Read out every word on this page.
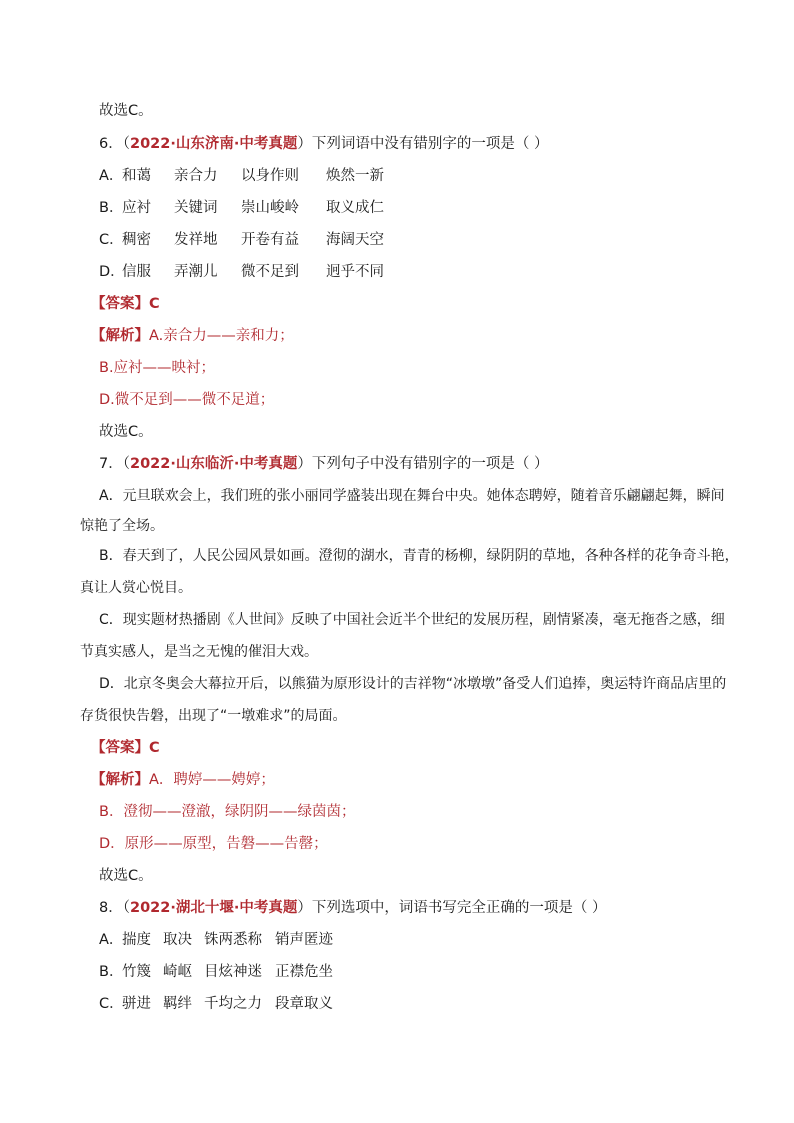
故选C。
6．（2022·山东济南·中考真题）下列词语中没有错别字的一项是（ ）
A．和蔼 亲合力 以身作则 焕然一新
B．应衬 关键词 崇山峻岭 取义成仁
C．稠密 发祥地 开卷有益 海阔天空
D．信服 弄潮儿 微不足到 迥乎不同
【答案】C
【解析】A.亲合力——亲和力；
B.应衬——映衬；
D.微不足到——微不足道；
故选C。
7．（2022·山东临沂·中考真题）下列句子中没有错别字的一项是（ ）
A．元旦联欢会上，我们班的张小丽同学盛装出现在舞台中央。她体态聘婷，随着音乐翩翩起舞，瞬间
惊艳了全场。
B．春天到了，人民公园风景如画。澄彻的湖水，青青的杨柳，绿阴阴的草地，各种各样的花争奇斗艳，
真让人赏心悦目。
C．现实题材热播剧《人世间》反映了中国社会近半个世纪的发展历程，剧情紧凑，毫无拖沓之感，细
节真实感人，是当之无愧的催泪大戏。
D．北京冬奥会大幕拉开后，以熊猫为原形设计的吉祥物“冰墩墩”备受人们追捧，奥运特许商品店里的
存货很快告磐，出现了“一墩难求”的局面。
【答案】C
【解析】A．聘婷——娉婷；
B．澄彻——澄澈，绿阴阴——绿茵茵；
D．原形——原型，告磐——告罄；
故选C。
8．（2022·湖北十堰·中考真题）下列选项中，词语书写完全正确的一项是（ ）
A．揣度 取决 铢两悉称 销声匿迹
B．竹篾 崎岖 目炫神迷 正襟危坐
C．骈进 羁绊 千均之力 段章取义
